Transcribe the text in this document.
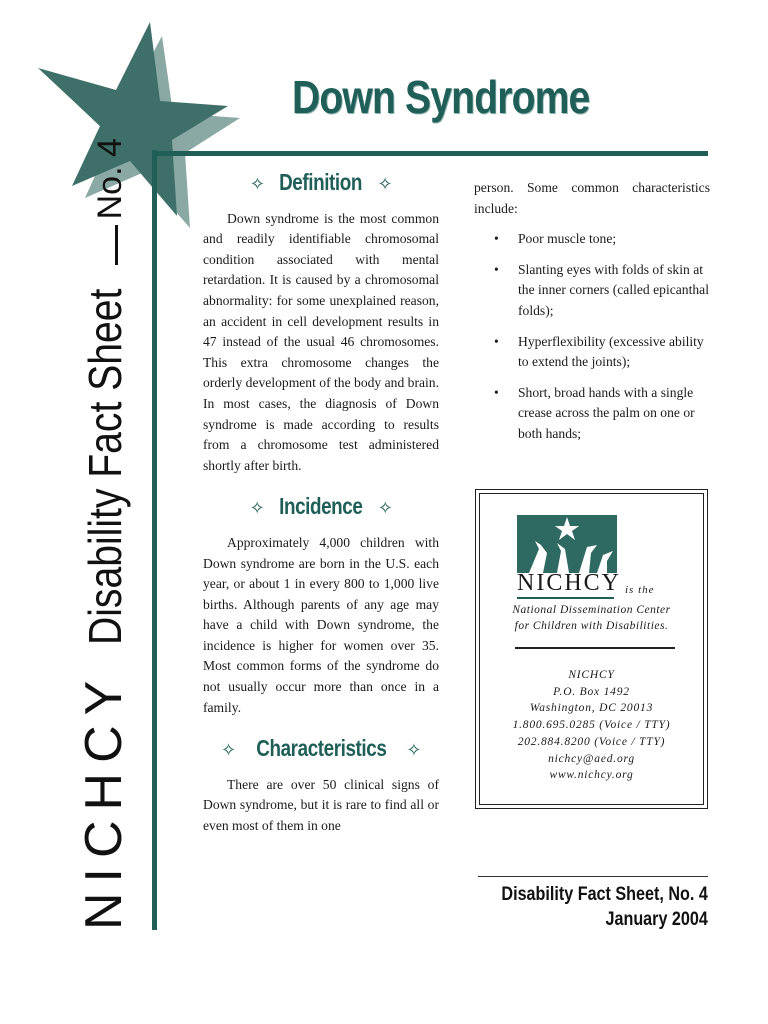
Down Syndrome
NICHCYDisability Fact SheetNo. 4	✧ Definition ✧

Down syndrome is the most common and readily identifiable chromosomal condition associated with mental retardation. It is caused by a chromosomal abnormality: for some unexplained reason, an accident in cell development results in 47 instead of the usual 46 chromosomes. This extra chromosome changes the orderly development of the body and brain. In most cases, the diagnosis of Down syndrome is made according to results from a chromosome test administered shortly after birth.

✧ Incidence ✧

Approximately 4,000 children with Down syndrome are born in the U.S. each year, or about 1 in every 800 to 1,000 live births. Although parents of any age may have a child with Down syndrome, the incidence is higher for women over 35. Most common forms of the syndrome do not usually occur more than once in a family.

✧ Characteristics ✧

There are over 50 clinical signs of Down syndrome, but it is rare to find all or even most of them in one

person. Some common characteristics include:

• Poor muscle tone;
• Slanting eyes with folds of skin at the inner corners (called epicanthal folds);
• Hyperflexibility (excessive ability to extend the joints);
• Short, broad hands with a single crease across the palm on one or both hands;
NICHCY is the
National Dissemination Center
for Children with Disabilities.
NICHCY
P.O. Box 1492
Washington, DC 20013
1.800.695.0285 (Voice / TTY)
202.884.8200 (Voice / TTY)
nichcy@aed.org
www.nichcy.org
Disability Fact Sheet, No. 4
January 2004
